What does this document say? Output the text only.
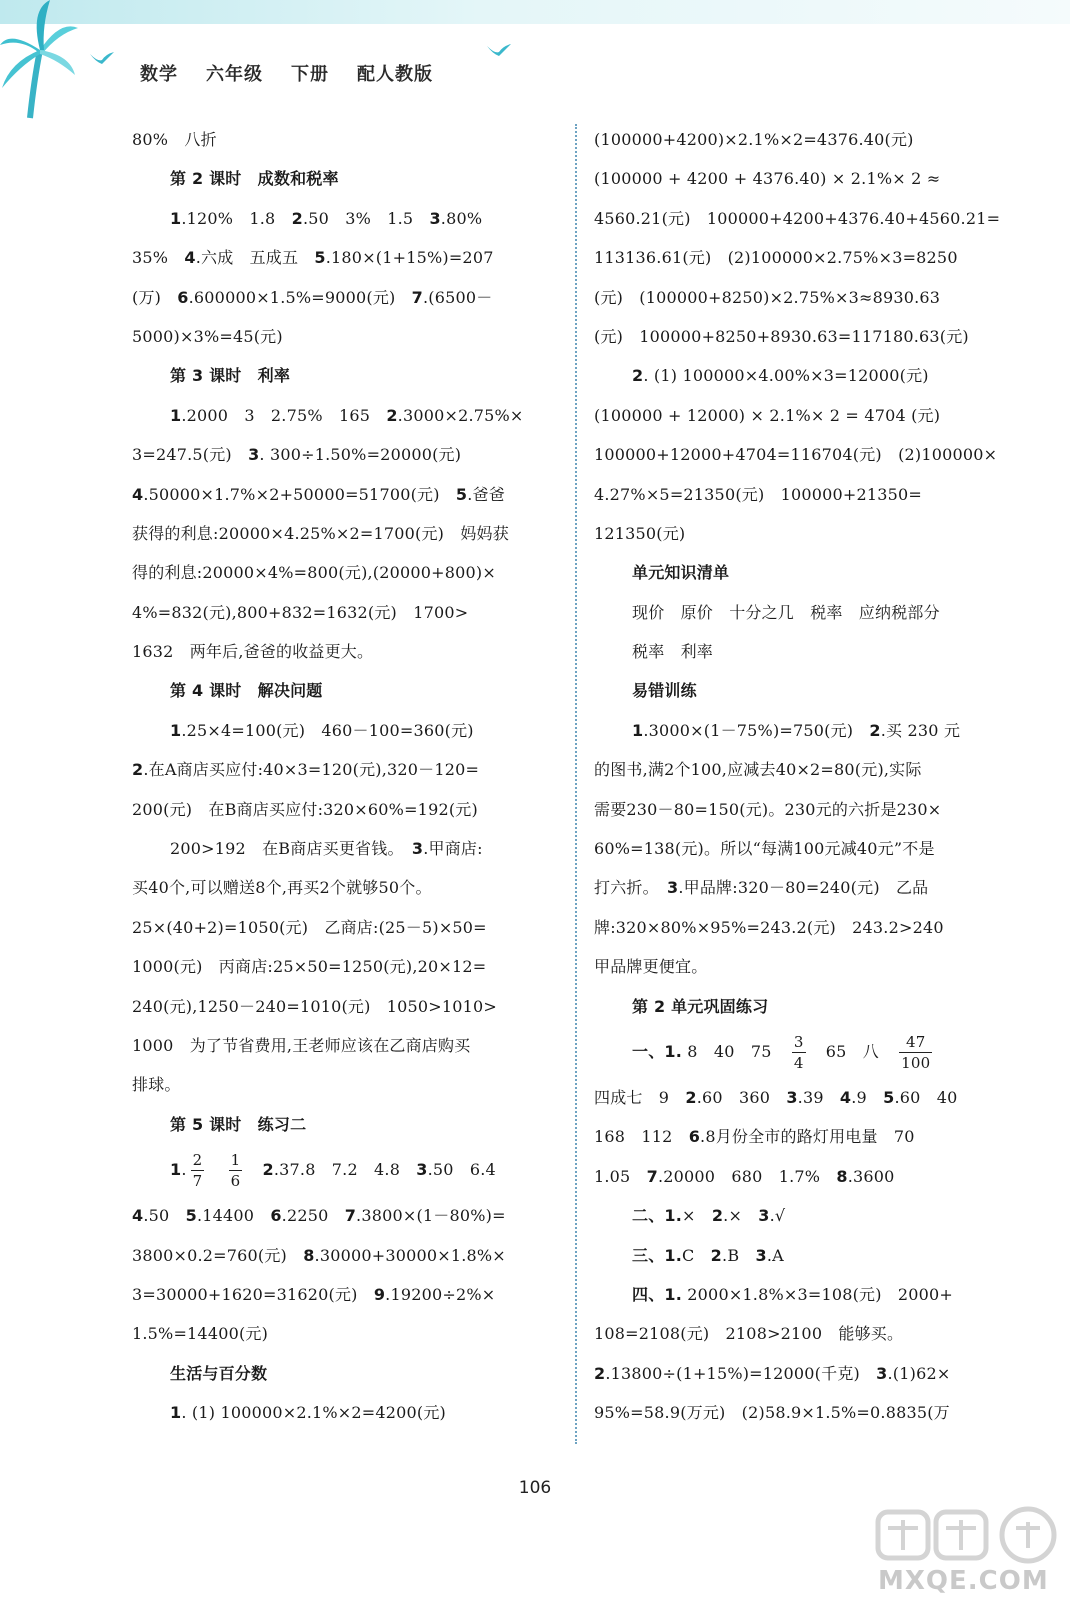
数学 六年级 下册 配人教版
80%　八折
第 2 课时　成数和税率
1.120%　1.8　 2.50　3%　1.5　 3.80%
35%　 4.六成　五成五　 5.180×(1+15%)=207
(万)　 6.600000×1.5%=9000(元)　 7.(6500－
5000)×3%=45(元)
第 3 课时　利率
1.2000　3　2.75%　165　 2.3000×2.75%×
3=247.5(元)　 3. 300÷1.50%=20000(元)
4.50000×1.7%×2+50000=51700(元)　 5.爸爸
获得的利息:20000×4.25%×2=1700(元)　妈妈获
得的利息:20000×4%=800(元),(20000+800)×
4%=832(元),800+832=1632(元)　1700>
1632　两年后,爸爸的收益更大。
第 4 课时　解决问题
1.25×4=100(元)　460－100=360(元)
2.在A商店买应付:40×3=120(元),320－120=
200(元)　在B商店买应付:320×60%=192(元)
200>192　在B商店买更省钱。　 3.甲商店:
买40个,可以赠送8个,再买2个就够50个。
25×(40+2)=1050(元)　乙商店:(25－5)×50=
1000(元)　丙商店:25×50=1250(元),20×12=
240(元),1250－240=1010(元)　1050>1010>
1000　为了节省费用,王老师应该在乙商店购买
排球。
第 5 课时　练习二
1. $\frac{2}{7}$
　 $\frac{1}{6}$
　 2.37.8　7.2　4.8　 3.50　6.4
4.50　 5.14400　 6.2250　 7.3800×(1－80%)=
3800×0.2=760(元)　 8.30000+30000×1.8%×
3=30000+1620=31620(元)　 9.19200÷2%×
1.5%=14400(元)
生活与百分数
1. (1) 100000×2.1%×2=4200(元)
(100000+4200)×2.1%×2=4376.40(元)
(100000 + 4200 + 4376.40) × 2.1%× 2 ≈
4560.21(元)　100000+4200+4376.40+4560.21=
113136.61(元)　(2)100000×2.75%×3=8250
(元)　(100000+8250)×2.75%×3≈8930.63
(元)　100000+8250+8930.63=117180.63(元)
2. (1) 100000×4.00%×3=12000(元)
(100000 + 12000) × 2.1%× 2 = 4704 (元)
100000+12000+4704=116704(元)　(2)100000×
4.27%×5=21350(元)　100000+21350=
121350(元)
单元知识清单
现价　原价　十分之几　税率　应纳税部分
税率　利率
易错训练
1.3000×(1－75%)=750(元)　 2.买 230 元
的图书,满2个100,应减去40×2=80(元),实际
需要230－80=150(元)。230元的六折是230×
60%=138(元)。所以“每满100元减40元”不是
打六折。　 3.甲品牌:320－80=240(元)　乙品
牌:320×80%×95%=243.2(元)　243.2>240
甲品牌更便宜。
第 2 单元巩固练习
一、1. 8　40　75　 $\frac{3}{4}$
　 65　八　 $\frac{47}{100}$
四成七　9　 2.60　360　 3.39　 4.9　 5.60　40
168　112　 6.8月份全市的路灯用电量　70
1.05　 7.20000　680　1.7%　 8.3600
二、1.×　 2.×　 3.√
三、1.C　 2.B　 3.A
四、1. 2000×1.8%×3=108(元)　2000+
108=2108(元)　2108>2100　能够买。
2.13800÷(1+15%)=12000(千克)　 3.(1)62×
95%=58.9(万元)　(2)58.9×1.5%=0.8835(万
106
MXQE.COM
